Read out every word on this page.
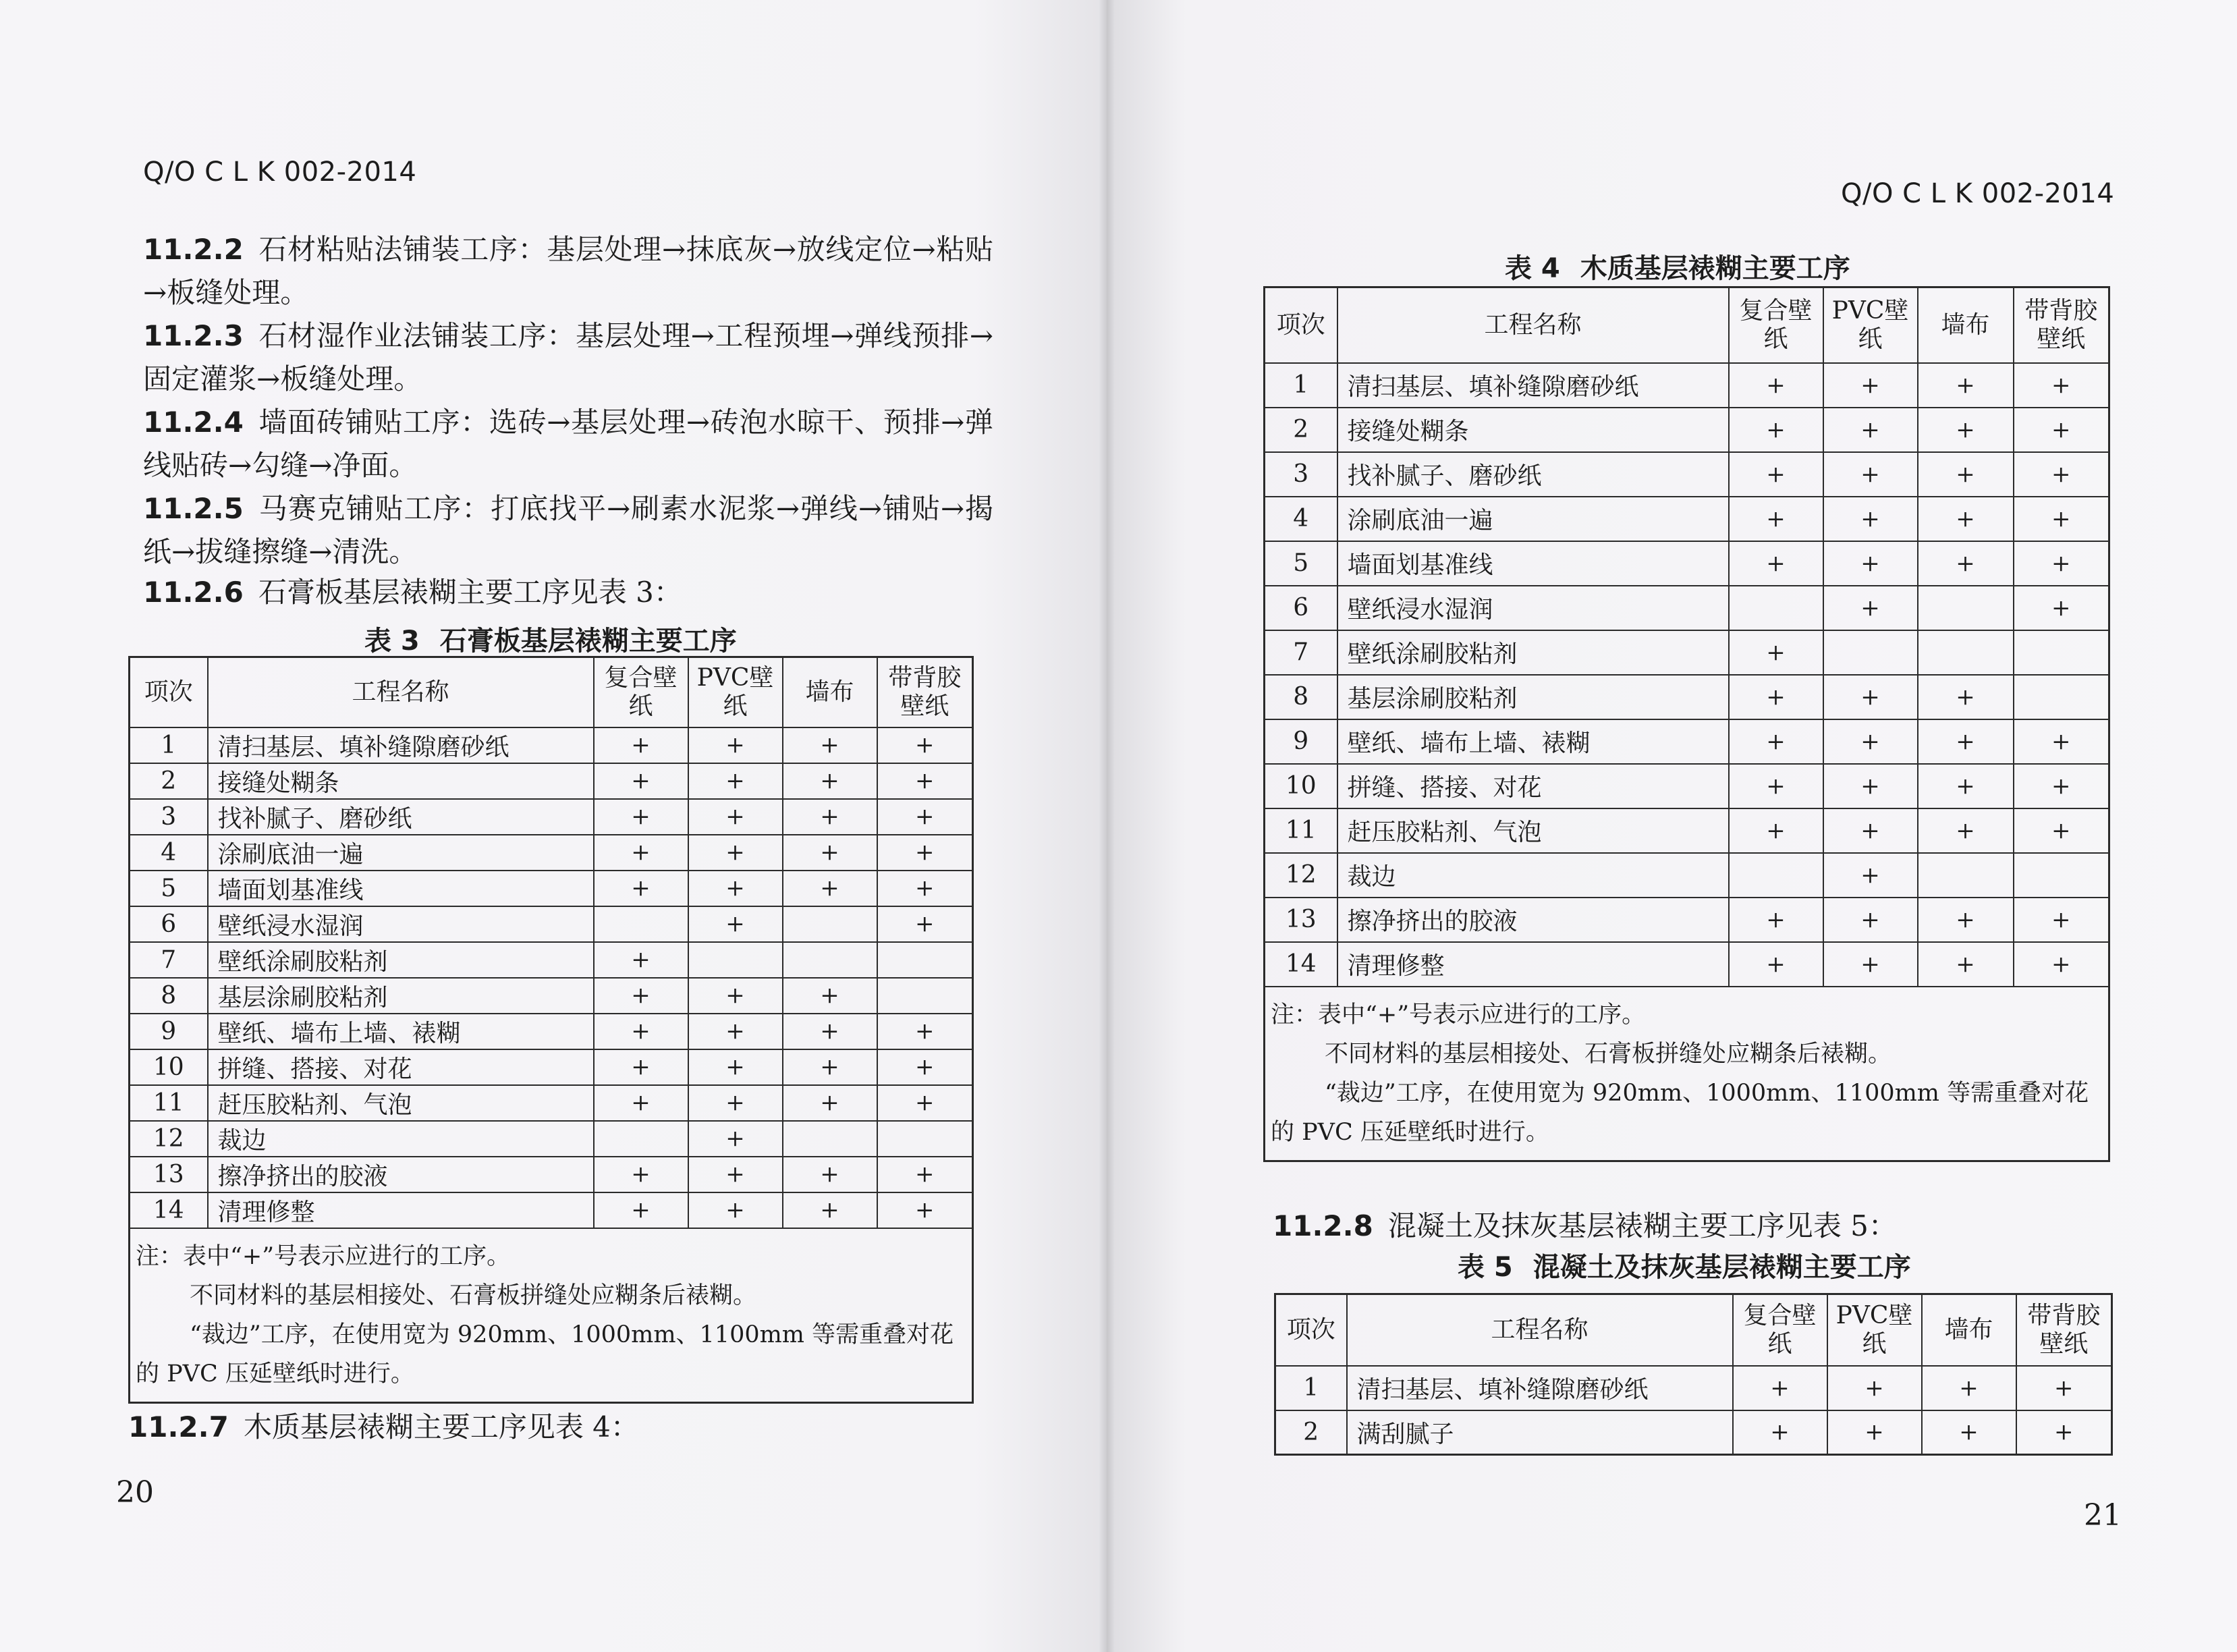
Q/O C L K 002-2014
11.2.2 石材粘贴法铺装工序：基层处理→抹底灰→放线定位→粘贴→板缝处理。
11.2.3 石材湿作业法铺装工序：基层处理→工程预埋→弹线预排→固定灌浆→板缝处理。
11.2.4 墙面砖铺贴工序：选砖→基层处理→砖泡水晾干、预排→弹线贴砖→勾缝→净面。
11.2.5 马赛克铺贴工序：打底找平→刷素水泥浆→弹线→铺贴→揭纸→拔缝擦缝→清洗。
11.2.6 石膏板基层裱糊主要工序见表 3：
表 3 石膏板基层裱糊主要工序
项次	工程名称	复合壁纸	PVC壁纸	墙布	带背胶壁纸
1	清扫基层、填补缝隙磨砂纸	+	+	+	+
2	接缝处糊条	+	+	+	+
3	找补腻子、磨砂纸	+	+	+	+
4	涂刷底油一遍	+	+	+	+
5	墙面划基准线	+	+	+	+
6	壁纸浸水湿润		+		+
7	壁纸涂刷胶粘剂	+			
8	基层涂刷胶粘剂	+	+	+	
9	壁纸、墙布上墙、裱糊	+	+	+	+
10	拼缝、搭接、对花	+	+	+	+
11	赶压胶粘剂、气泡	+	+	+	+
12	裁边		+		
13	擦净挤出的胶液	+	+	+	+
14	清理修整	+	+	+	+
注：表中“+”号表示应进行的工序。
不同材料的基层相接处、石膏板拼缝处应糊条后裱糊。
“裁边”工序，在使用宽为 920mm、1000mm、1100mm 等需重叠对花的 PVC 压延壁纸时进行。					
11.2.7 木质基层裱糊主要工序见表 4：
20
Q/O C L K 002-2014
表 4 木质基层裱糊主要工序
项次	工程名称	复合壁纸	PVC壁纸	墙布	带背胶壁纸
1	清扫基层、填补缝隙磨砂纸	+	+	+	+
2	接缝处糊条	+	+	+	+
3	找补腻子、磨砂纸	+	+	+	+
4	涂刷底油一遍	+	+	+	+
5	墙面划基准线	+	+	+	+
6	壁纸浸水湿润		+		+
7	壁纸涂刷胶粘剂	+			
8	基层涂刷胶粘剂	+	+	+	
9	壁纸、墙布上墙、裱糊	+	+	+	+
10	拼缝、搭接、对花	+	+	+	+
11	赶压胶粘剂、气泡	+	+	+	+
12	裁边		+		
13	擦净挤出的胶液	+	+	+	+
14	清理修整	+	+	+	+
注：表中“+”号表示应进行的工序。
不同材料的基层相接处、石膏板拼缝处应糊条后裱糊。
“裁边”工序，在使用宽为 920mm、1000mm、1100mm 等需重叠对花的 PVC 压延壁纸时进行。					
11.2.8 混凝土及抹灰基层裱糊主要工序见表 5：
表 5 混凝土及抹灰基层裱糊主要工序
项次	工程名称	复合壁纸	PVC壁纸	墙布	带背胶壁纸
1	清扫基层、填补缝隙磨砂纸	+	+	+	+
2	满刮腻子	+	+	+	+
21
